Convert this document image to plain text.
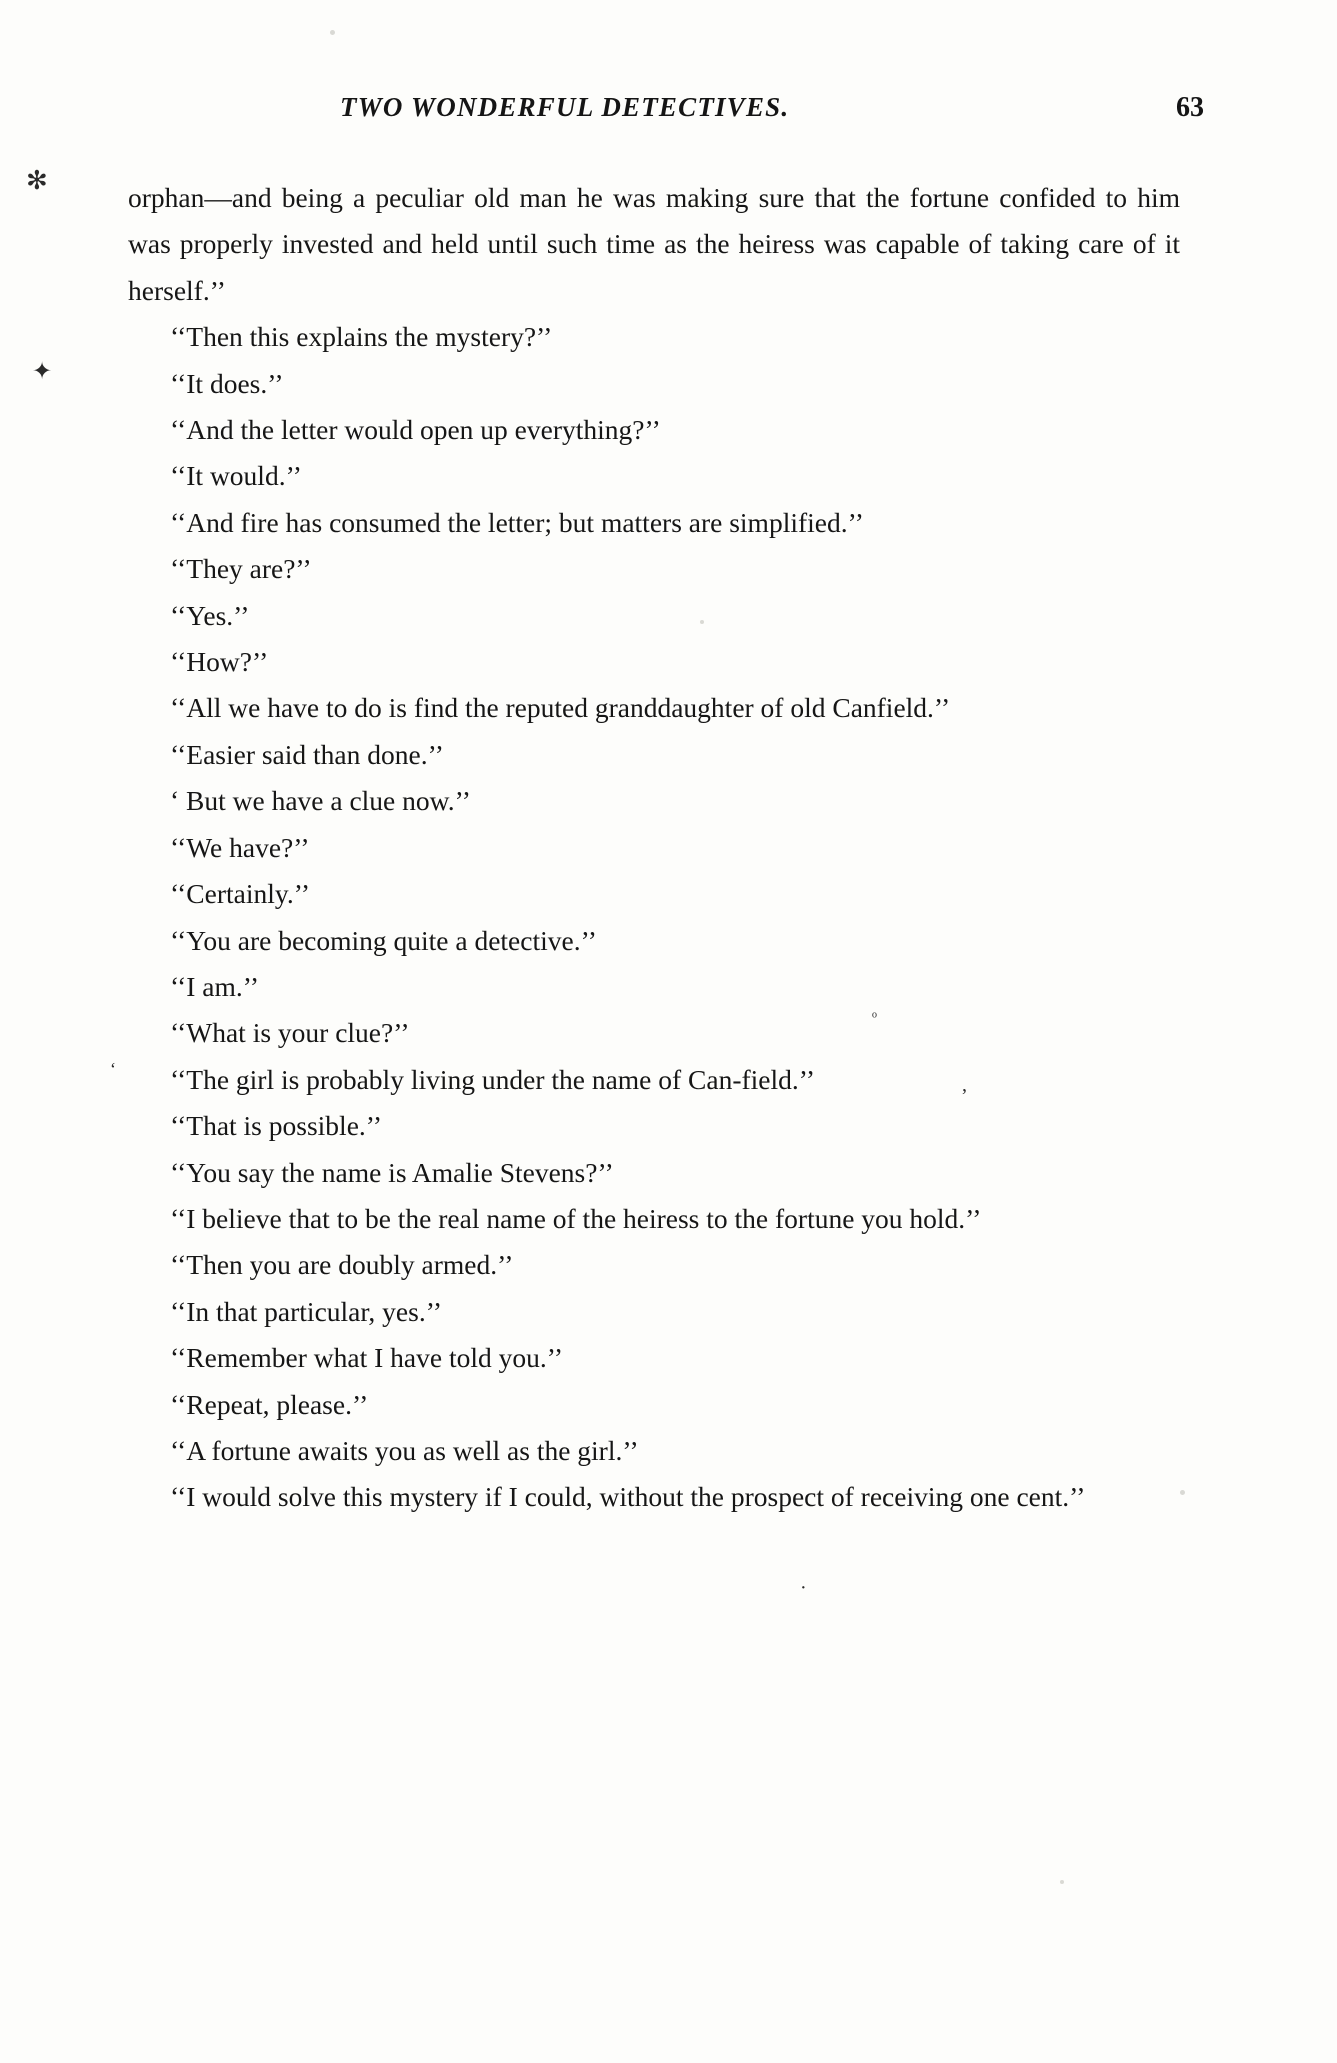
TWO WONDERFUL DETECTIVES.	63

orphan—and being a peculiar old man he was making sure that the fortune confided to him was properly invested and held until such time as the heiress was capable of taking care of it herself.’’

‘‘Then this explains the mystery?’’

‘‘It does.’’

‘‘And the letter would open up everything?’’

‘‘It would.’’

‘‘And fire has consumed the letter; but matters are simplified.’’

‘‘They are?’’

‘‘Yes.’’

‘‘How?’’

‘‘All we have to do is find the reputed granddaughter of old Canfield.’’

‘‘Easier said than done.’’

‘ But we have a clue now.’’

‘‘We have?’’

‘‘Certainly.’’

‘‘You are becoming quite a detective.’’

‘‘I am.’’

‘‘What is your clue?’’

‘‘The girl is probably living under the name of Can-field.’’

‘‘That is possible.’’

‘‘You say the name is Amalie Stevens?’’

‘‘I believe that to be the real name of the heiress to the fortune you hold.’’

‘‘Then you are doubly armed.’’

‘‘In that particular, yes.’’

‘‘Remember what I have told you.’’

‘‘Repeat, please.’’

‘‘A fortune awaits you as well as the girl.’’

‘‘I would solve this mystery if I could, without the prospect of receiving one cent.’’

✻
✦
‘
ᵒ
,
·
